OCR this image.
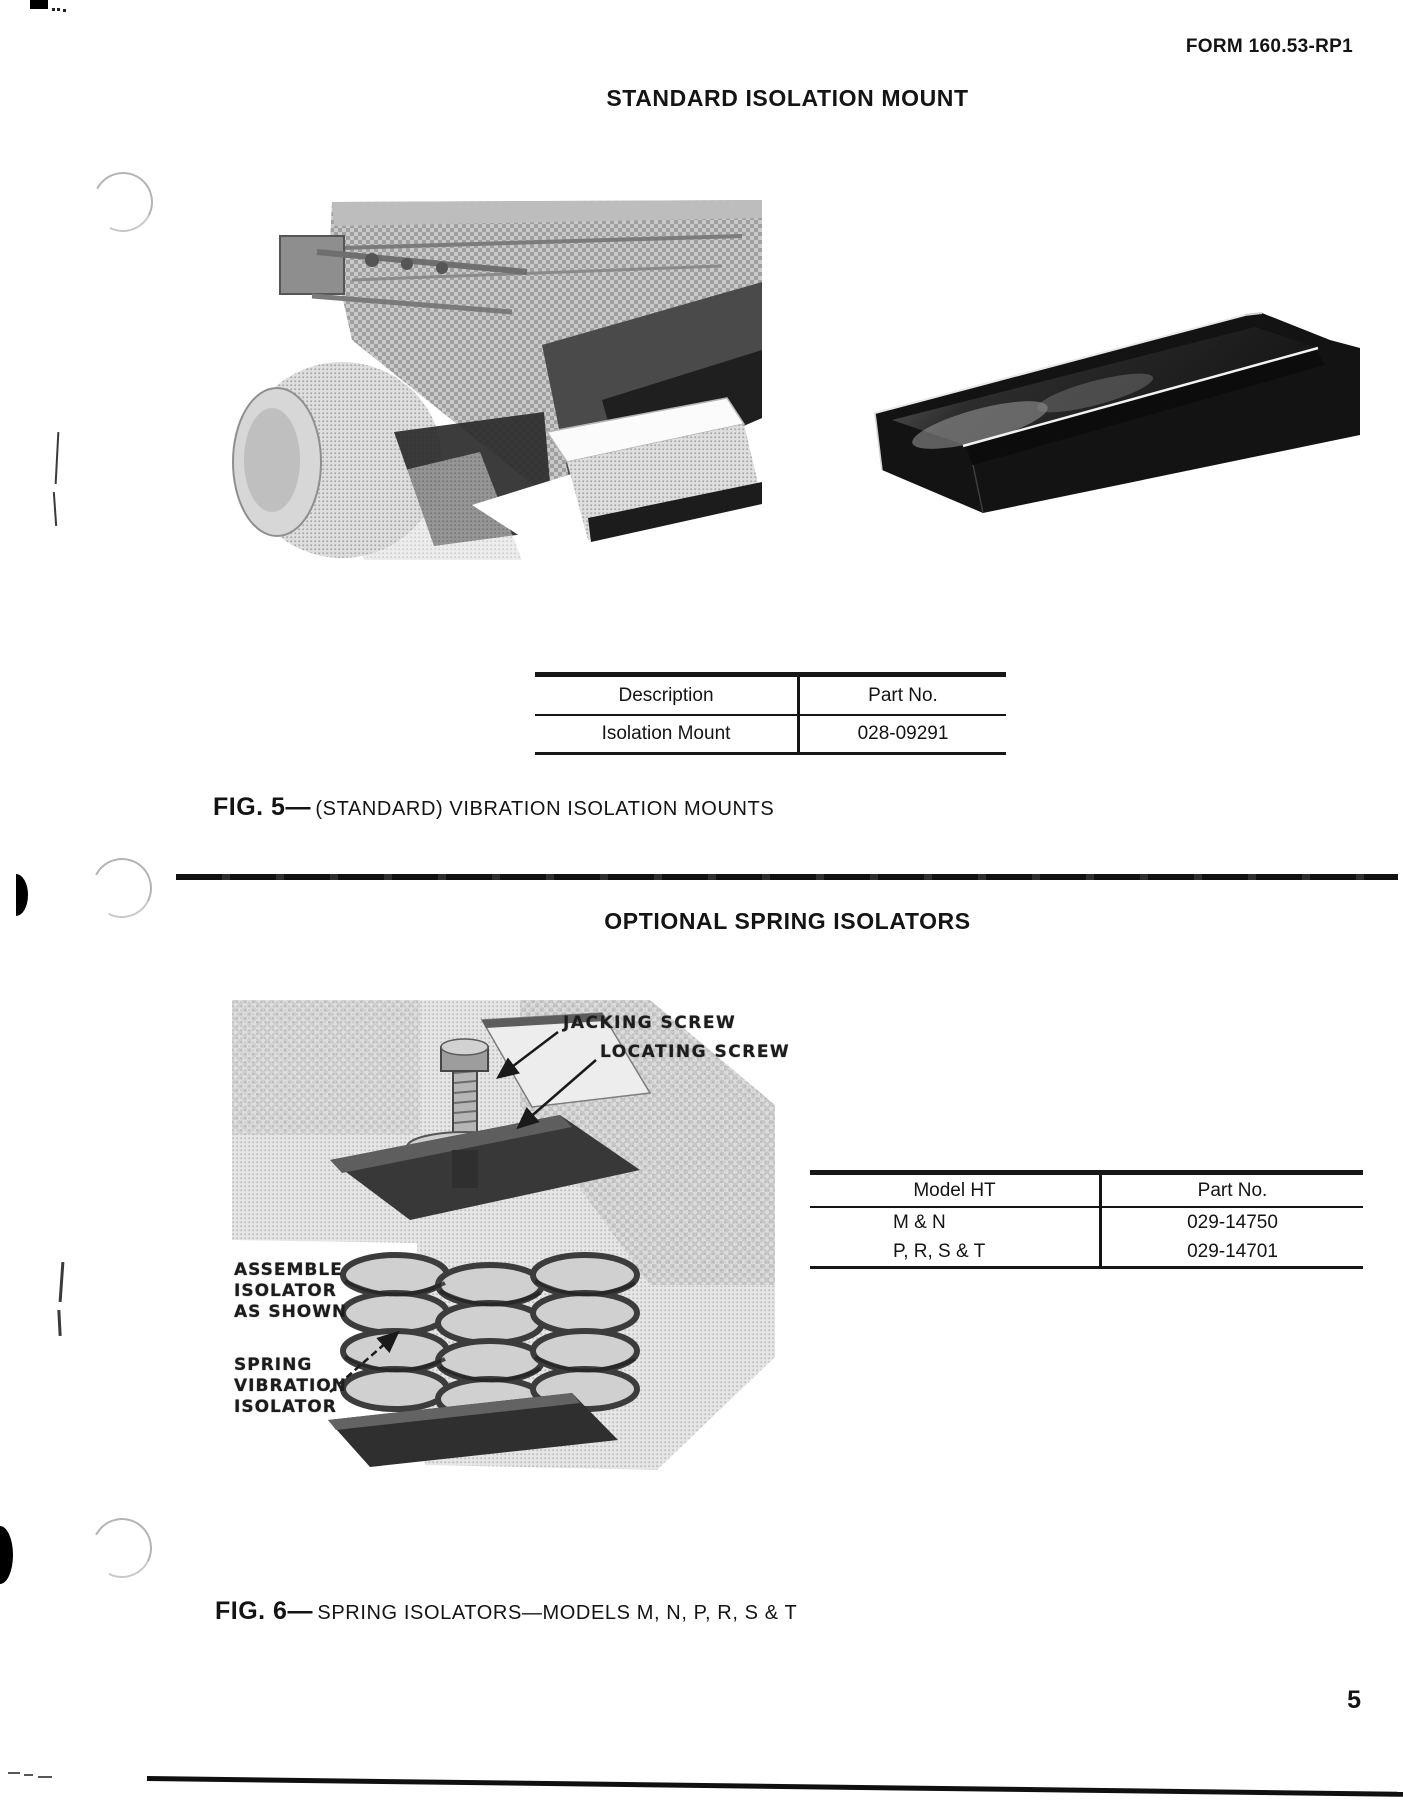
FORM 160.53-RP1
STANDARD ISOLATION MOUNT
Description	Part No.
Isolation Mount	028-09291
FIG. 5— (STANDARD) VIBRATION ISOLATION MOUNTS
OPTIONAL SPRING ISOLATORS
JACKING SCREW
LOCATING SCREW
ASSEMBLE
ISOLATOR
AS SHOWN
SPRING
VIBRATION
ISOLATOR
Model HT	Part No.
M & N	029-14750
P, R, S & T	029-14701
FIG. 6— SPRING ISOLATORS—MODELS M, N, P, R, S & T
5
